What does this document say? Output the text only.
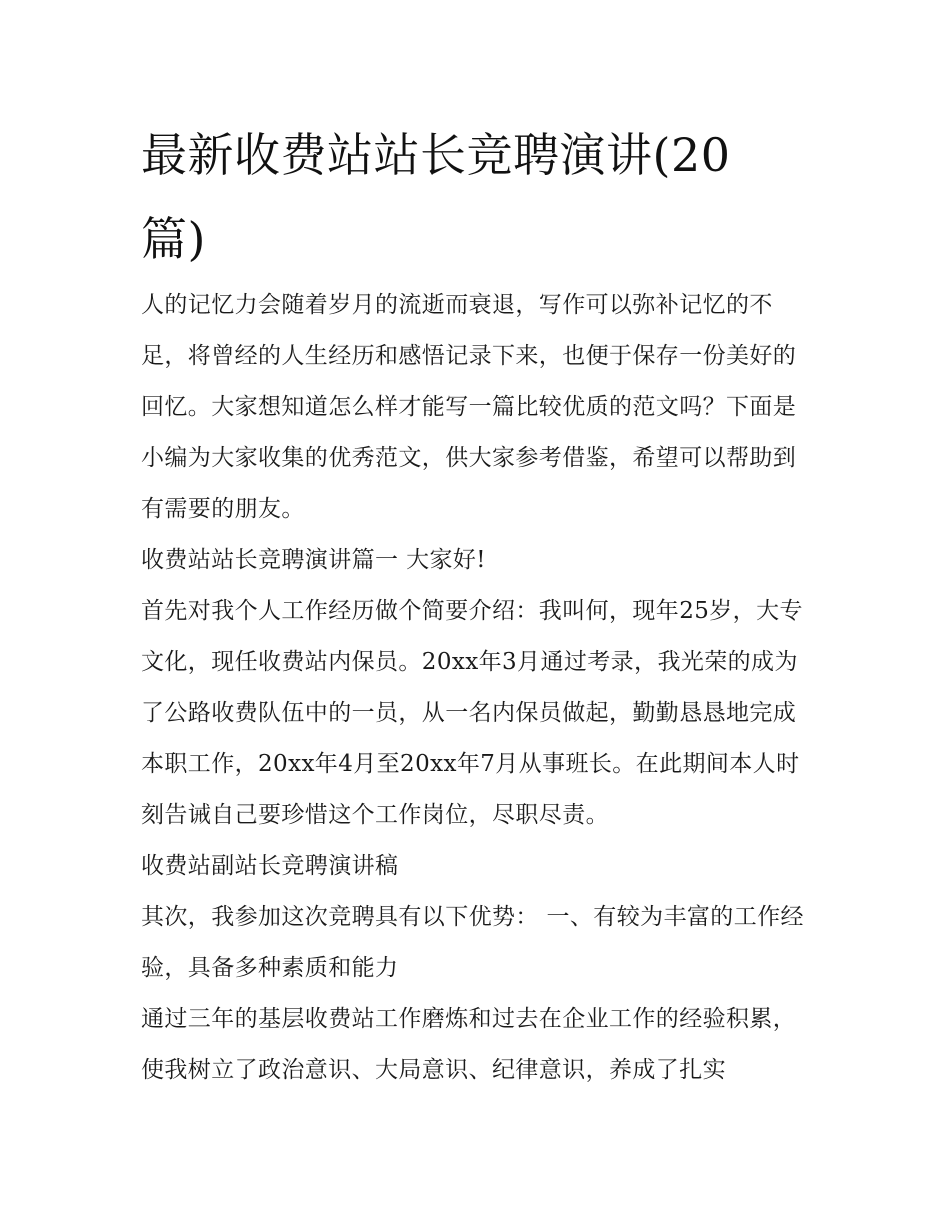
最新收费站站长竞聘演讲(20
篇)

人的记忆力会随着岁月的流逝而衰退，写作可以弥补记忆的不足，将曾经的人生经历和感悟记录下来，也便于保存一份美好的回忆。大家想知道怎么样才能写一篇比较优质的范文吗？下面是小编为大家收集的优秀范文，供大家参考借鉴，希望可以帮助到有需要的朋友。

收费站站长竞聘演讲篇一 大家好!

首先对我个人工作经历做个简要介绍：我叫何，现年25岁，大专文化，现任收费站内保员。20xx年3月通过考录，我光荣的成为了公路收费队伍中的一员，从一名内保员做起，勤勤恳恳地完成本职工作，20xx年4月至20xx年7月从事班长。在此期间本人时刻告诫自己要珍惜这个工作岗位，尽职尽责。

收费站副站长竞聘演讲稿

其次，我参加这次竞聘具有以下优势： 一、有较为丰富的工作经验，具备多种素质和能力

通过三年的基层收费站工作磨炼和过去在企业工作的经验积累，使我树立了政治意识、大局意识、纪律意识，养成了扎实
